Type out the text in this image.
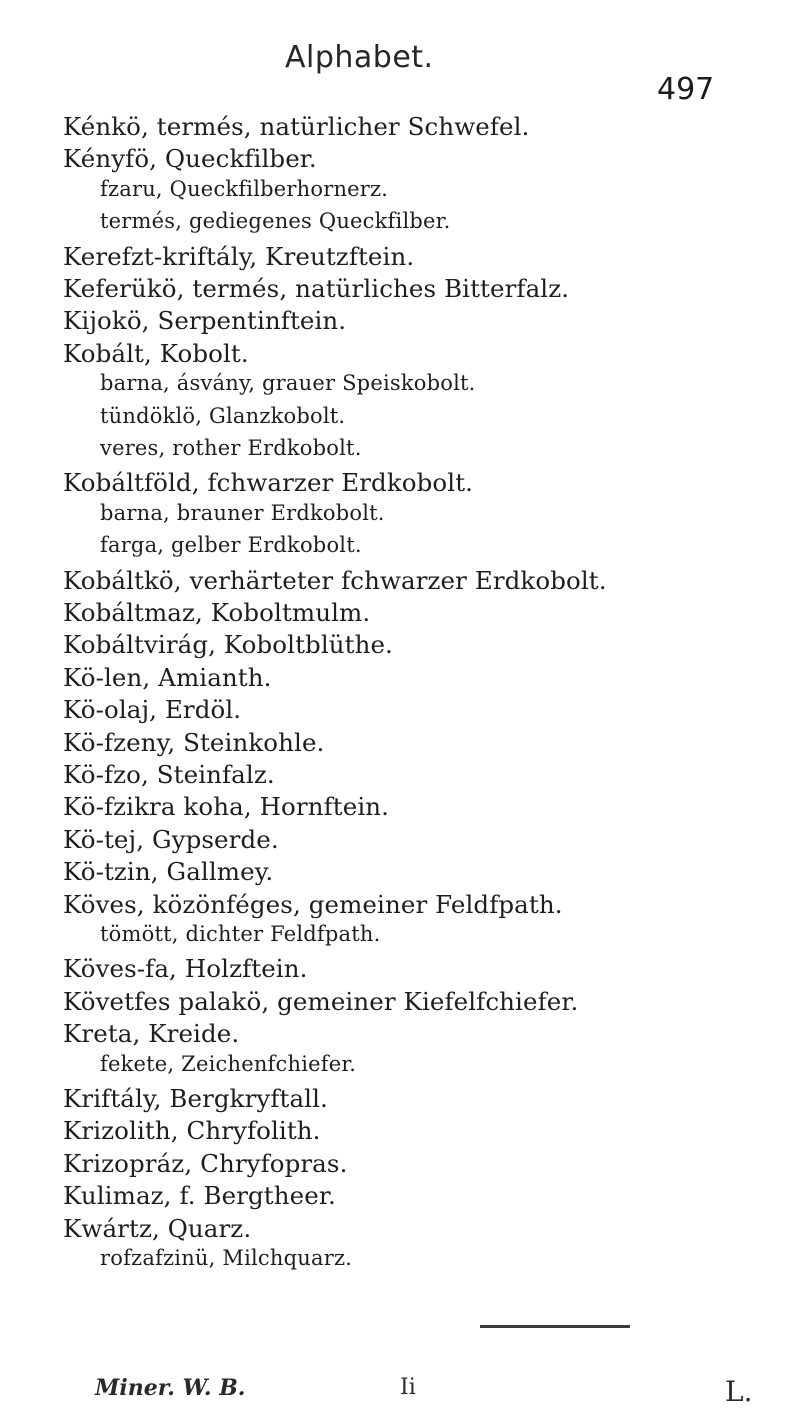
Alphabet.
497
Kénkö, termés, natürlicher Schwefel.
Kényfö, Queckfilber.
fzaru, Queckfilberhornerz.
termés, gediegenes Queckfilber.
Kerefzt-kriftály, Kreutzftein.
Keferükö, termés, natürliches Bitterfalz.
Kijokö, Serpentinftein.
Kobált, Kobolt.
barna, ásvány, grauer Speiskobolt.
tündöklö, Glanzkobolt.
veres, rother Erdkobolt.
Kobáltföld, fchwarzer Erdkobolt.
barna, brauner Erdkobolt.
farga, gelber Erdkobolt.
Kobáltkö, verhärteter fchwarzer Erdkobolt.
Kobáltmaz, Koboltmulm.
Kobáltvirág, Koboltblüthe.
Kö-len, Amianth.
Kö-olaj, Erdöl.
Kö-fzeny, Steinkohle.
Kö-fzo, Steinfalz.
Kö-fzikra koha, Hornftein.
Kö-tej, Gypserde.
Kö-tzin, Gallmey.
Köves, közönféges, gemeiner Feldfpath.
tömött, dichter Feldfpath.
Köves-fa, Holzftein.
Követfes palakö, gemeiner Kiefelfchiefer.
Kreta, Kreide.
fekete, Zeichenfchiefer.
Kriftály, Bergkryftall.
Krizolith, Chryfolith.
Krizopráz, Chryfopras.
Kulimaz, f. Bergtheer.
Kwártz, Quarz.
rofzafzinü, Milchquarz.
Miner. W. B.	Ii	L.
